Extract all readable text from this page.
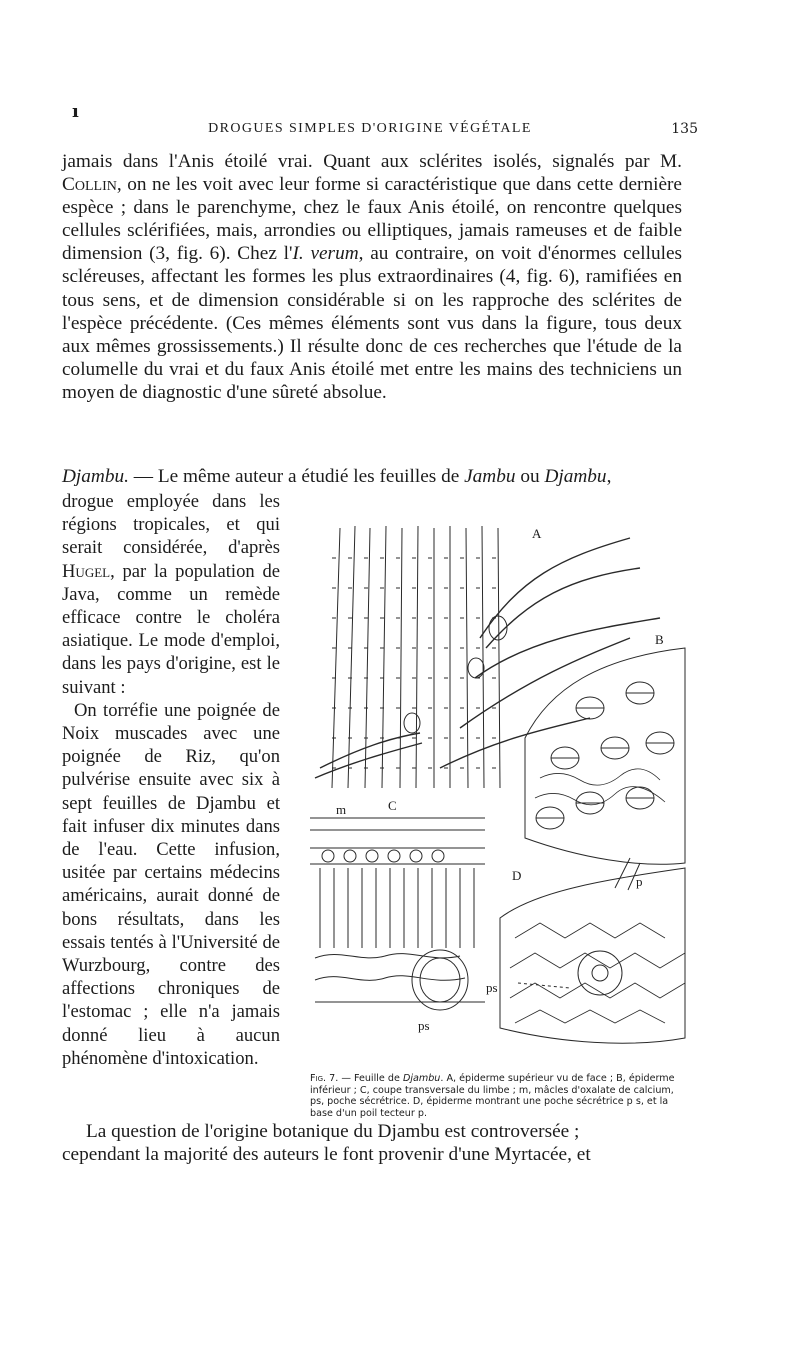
ı
DROGUES SIMPLES D'ORIGINE VÉGÉTALE	135

jamais dans l'Anis étoilé vrai. Quant aux sclérites isolés, signalés par M. Collin, on ne les voit avec leur forme si caractéristique que dans cette dernière espèce ; dans le parenchyme, chez le faux Anis étoilé, on rencontre quelques cellules sclérifiées, mais, arrondies ou elliptiques, jamais rameuses et de faible dimension (3, fig. 6). Chez l'I. verum, au contraire, on voit d'énormes cellules scléreuses, affectant les formes les plus extraordinaires (4, fig. 6), ramifiées en tous sens, et de dimension considérable si on les rapproche des sclérites de l'espèce précédente. (Ces mêmes éléments sont vus dans la figure, tous deux aux mêmes grossissements.) Il résulte donc de ces recherches que l'étude de la columelle du vrai et du faux Anis étoilé met entre les mains des techniciens un moyen de diagnostic d'une sûreté absolue.

Djambu. — Le même auteur a étudié les feuilles de Jambu ou Djambu,

drogue employée dans les régions tropicales, et qui serait considérée, d'après Hugel, par la population de Java, comme un remède efficace contre le choléra asiatique. Le mode d'emploi, dans les pays d'origine, est le suivant :

On torréfie une poignée de Noix muscades avec une poignée de Riz, qu'on pulvérise ensuite avec six à sept feuilles de Djambu et fait infuser dix minutes dans de l'eau. Cette infusion, usitée par certains médecins américains, aurait donné de bons résultats, dans les essais tentés à l'Université de Wurzbourg, contre des affections chroniques de l'estomac ; elle n'a jamais donné lieu à aucun phénomène d'intoxication.

A
B
C
D
m
p
ps
ps

Fig. 7. — Feuille de Djambu. A, épiderme supérieur vu de face ; B, épiderme inférieur ; C, coupe transversale du limbe ; m, mâcles d'oxalate de calcium, ps, poche sécrétrice. D, épiderme montrant une poche sécrétrice p s, et la base d'un poil tecteur p.

La question de l'origine botanique du Djambu est controversée ;
cependant la majorité des auteurs le font provenir d'une Myrtacée, et
